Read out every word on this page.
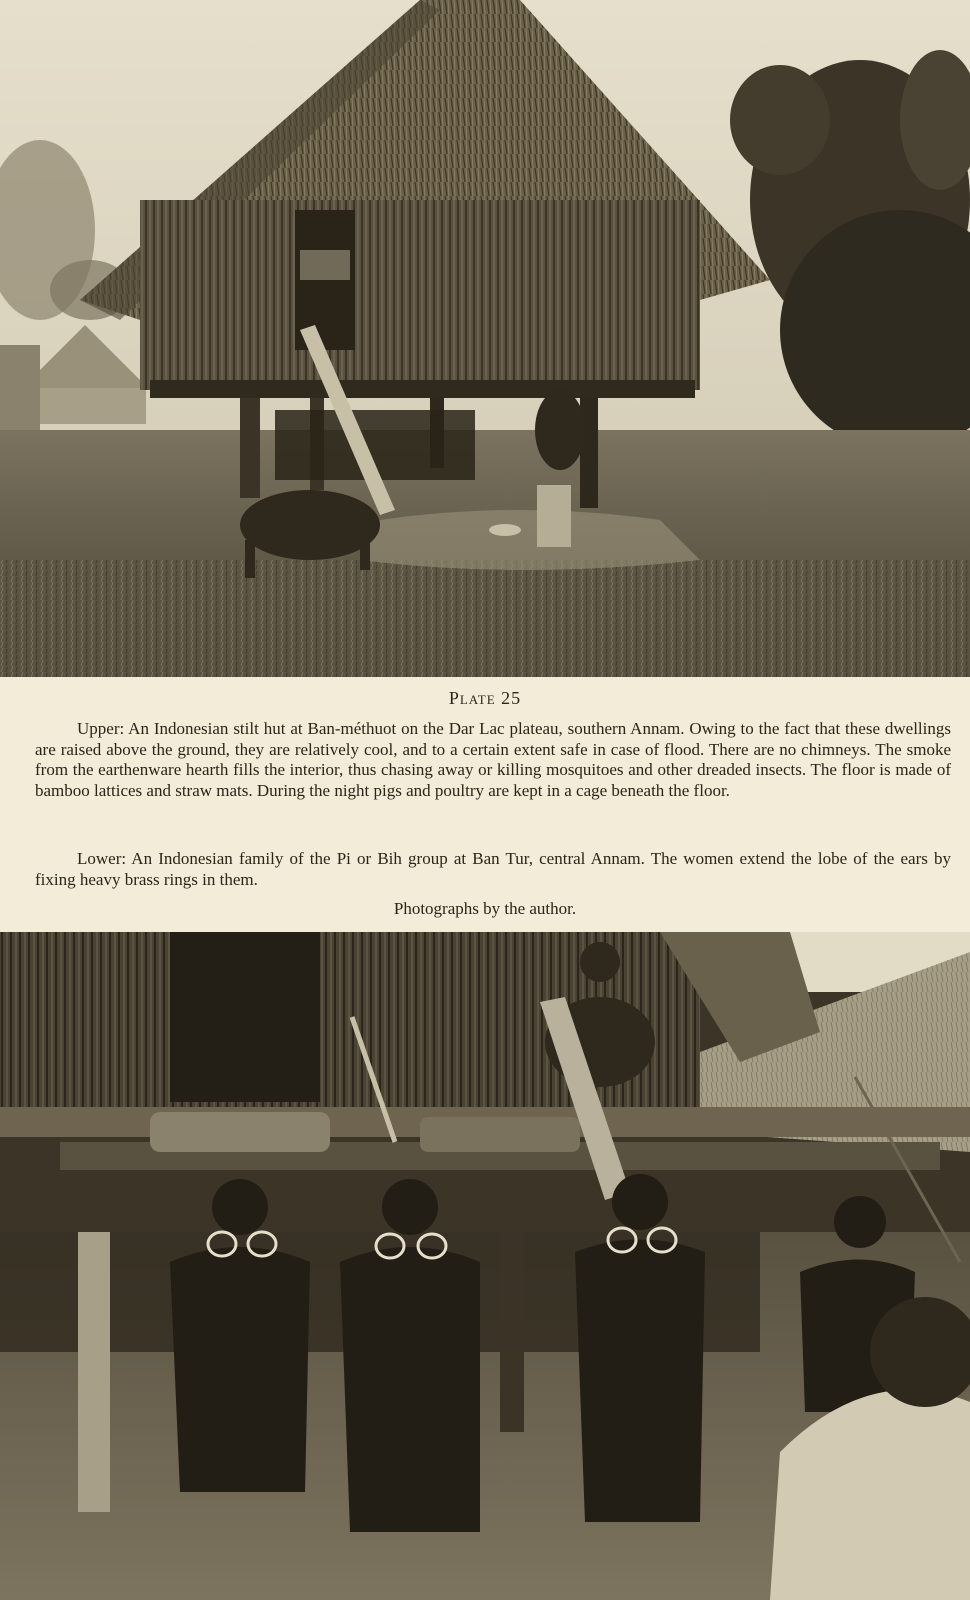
Plate 25

Upper: An Indonesian stilt hut at Ban-méthuot on the Dar Lac plateau, southern Annam. Owing to the fact that these dwellings are raised above the ground, they are relatively cool, and to a certain extent safe in case of flood. There are no chimneys. The smoke from the earthenware hearth fills the interior, thus chasing away or killing mosquitoes and other dreaded insects. The floor is made of bamboo lattices and straw mats. During the night pigs and poultry are kept in a cage beneath the floor.

Lower: An Indonesian family of the Pi or Bih group at Ban Tur, central Annam. The women extend the lobe of the ears by fixing heavy brass rings in them.

Photographs by the author.
